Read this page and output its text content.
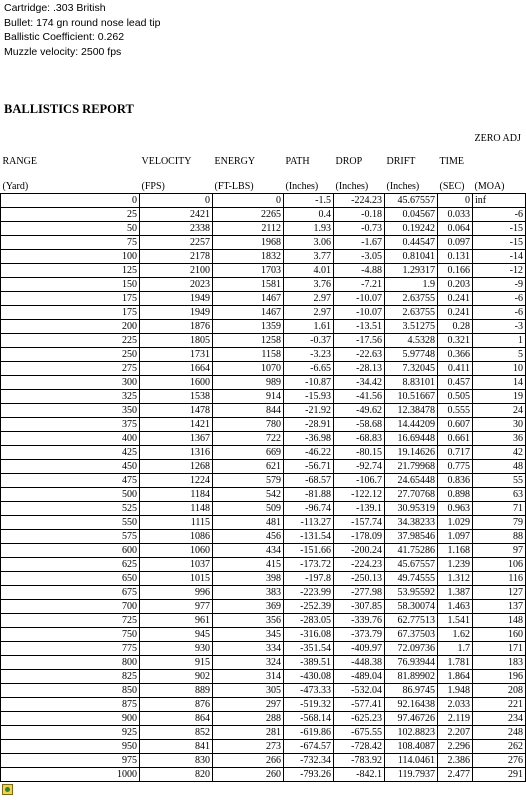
Cartridge: .303 British
Bullet: 174 gn round nose lead tip
Ballistic Coefficient: 0.262
Muzzle velocity: 2500 fps
BALLISTICS REPORT
RANGE	VELOCITY	ENERGY	PATH	DROP	DRIFT	TIME	ZERO ADJ
(Yard)	(FPS)	(FT-LBS)	(Inches)	(Inches)	(Inches)	(SEC)	(MOA)
0	0	0	-1.5	-224.23	45.67557	0	inf
25	2421	2265	0.4	-0.18	0.04567	0.033	-6
50	2338	2112	1.93	-0.73	0.19242	0.064	-15
75	2257	1968	3.06	-1.67	0.44547	0.097	-15
100	2178	1832	3.77	-3.05	0.81041	0.131	-14
125	2100	1703	4.01	-4.88	1.29317	0.166	-12
150	2023	1581	3.76	-7.21	1.9	0.203	-9
175	1949	1467	2.97	-10.07	2.63755	0.241	-6
175	1949	1467	2.97	-10.07	2.63755	0.241	-6
200	1876	1359	1.61	-13.51	3.51275	0.28	-3
225	1805	1258	-0.37	-17.56	4.5328	0.321	1
250	1731	1158	-3.23	-22.63	5.97748	0.366	5
275	1664	1070	-6.65	-28.13	7.32045	0.411	10
300	1600	989	-10.87	-34.42	8.83101	0.457	14
325	1538	914	-15.93	-41.56	10.51667	0.505	19
350	1478	844	-21.92	-49.62	12.38478	0.555	24
375	1421	780	-28.91	-58.68	14.44209	0.607	30
400	1367	722	-36.98	-68.83	16.69448	0.661	36
425	1316	669	-46.22	-80.15	19.14626	0.717	42
450	1268	621	-56.71	-92.74	21.79968	0.775	48
475	1224	579	-68.57	-106.7	24.65448	0.836	55
500	1184	542	-81.88	-122.12	27.70768	0.898	63
525	1148	509	-96.74	-139.1	30.95319	0.963	71
550	1115	481	-113.27	-157.74	34.38233	1.029	79
575	1086	456	-131.54	-178.09	37.98546	1.097	88
600	1060	434	-151.66	-200.24	41.75286	1.168	97
625	1037	415	-173.72	-224.23	45.67557	1.239	106
650	1015	398	-197.8	-250.13	49.74555	1.312	116
675	996	383	-223.99	-277.98	53.95592	1.387	127
700	977	369	-252.39	-307.85	58.30074	1.463	137
725	961	356	-283.05	-339.76	62.77513	1.541	148
750	945	345	-316.08	-373.79	67.37503	1.62	160
775	930	334	-351.54	-409.97	72.09736	1.7	171
800	915	324	-389.51	-448.38	76.93944	1.781	183
825	902	314	-430.08	-489.04	81.89902	1.864	196
850	889	305	-473.33	-532.04	86.9745	1.948	208
875	876	297	-519.32	-577.41	92.16438	2.033	221
900	864	288	-568.14	-625.23	97.46726	2.119	234
925	852	281	-619.86	-675.55	102.8823	2.207	248
950	841	273	-674.57	-728.42	108.4087	2.296	262
975	830	266	-732.34	-783.92	114.0461	2.386	276
1000	820	260	-793.26	-842.1	119.7937	2.477	291
